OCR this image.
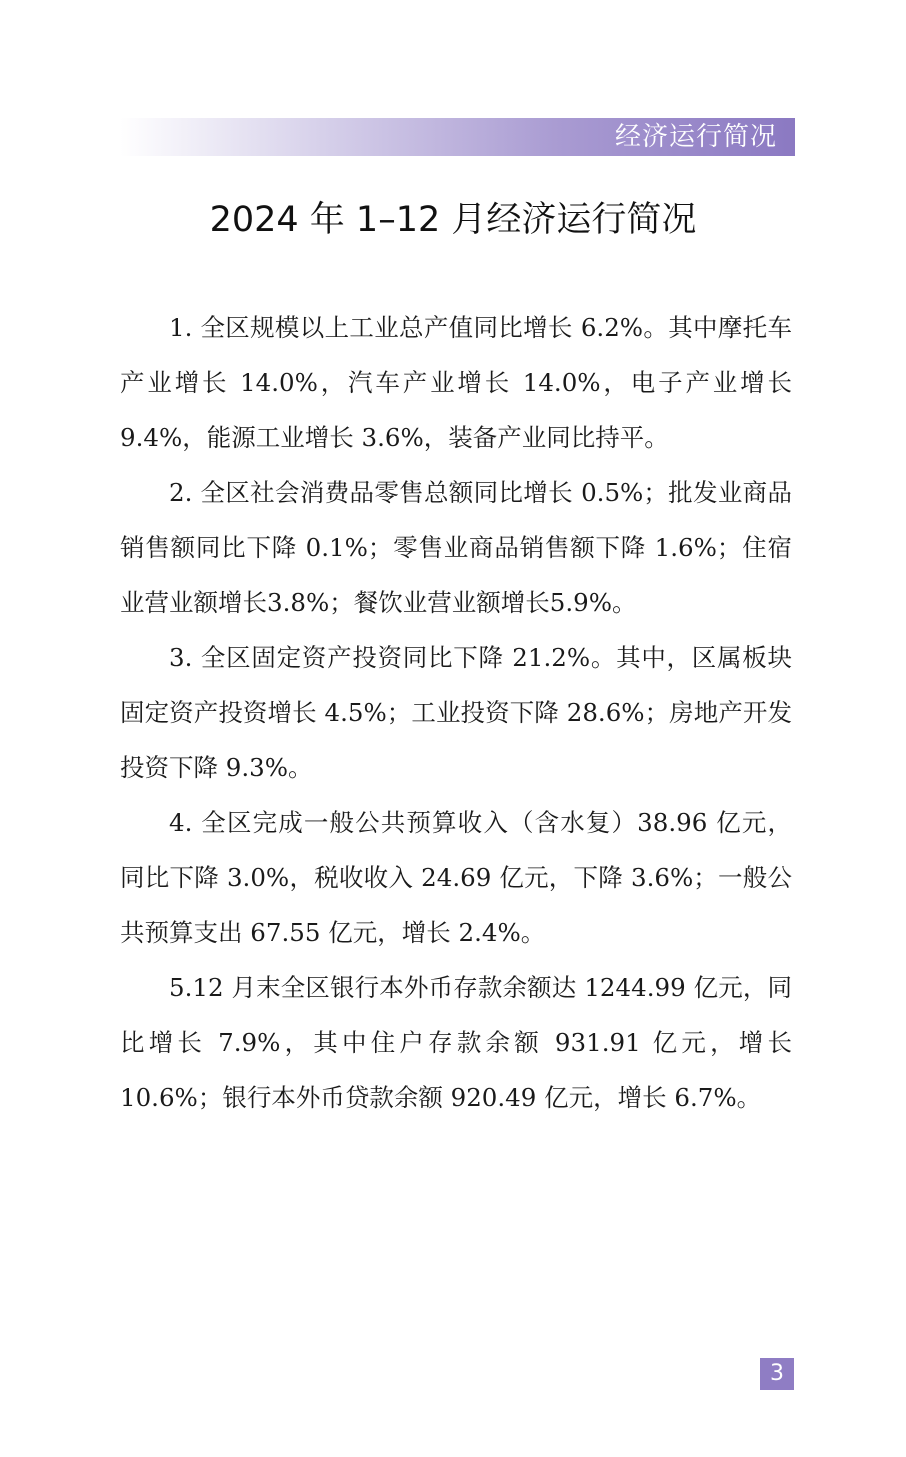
经济运行简况
2024 年 1–12 月经济运行简况

1. 全区规模以上工业总产值同比增长 6.2%。其中摩托车产业增长 14.0%，汽车产业增长 14.0%，电子产业增长 9.4%，能源工业增长 3.6%，装备产业同比持平。

2. 全区社会消费品零售总额同比增长 0.5%；批发业商品销售额同比下降 0.1%；零售业商品销售额下降 1.6%；住宿业营业额增长3.8%；餐饮业营业额增长5.9%。

3. 全区固定资产投资同比下降 21.2%。其中，区属板块固定资产投资增长 4.5%；工业投资下降 28.6%；房地产开发投资下降 9.3%。

4. 全区完成一般公共预算收入（含水复）38.96 亿元，同比下降 3.0%，税收收入 24.69 亿元，下降 3.6%；一般公共预算支出 67.55 亿元，增长 2.4%。

5.12 月末全区银行本外币存款余额达 1244.99 亿元，同比增长 7.9%，其中住户存款余额 931.91 亿元，增长 10.6%；银行本外币贷款余额 920.49 亿元，增长 6.7%。

3
